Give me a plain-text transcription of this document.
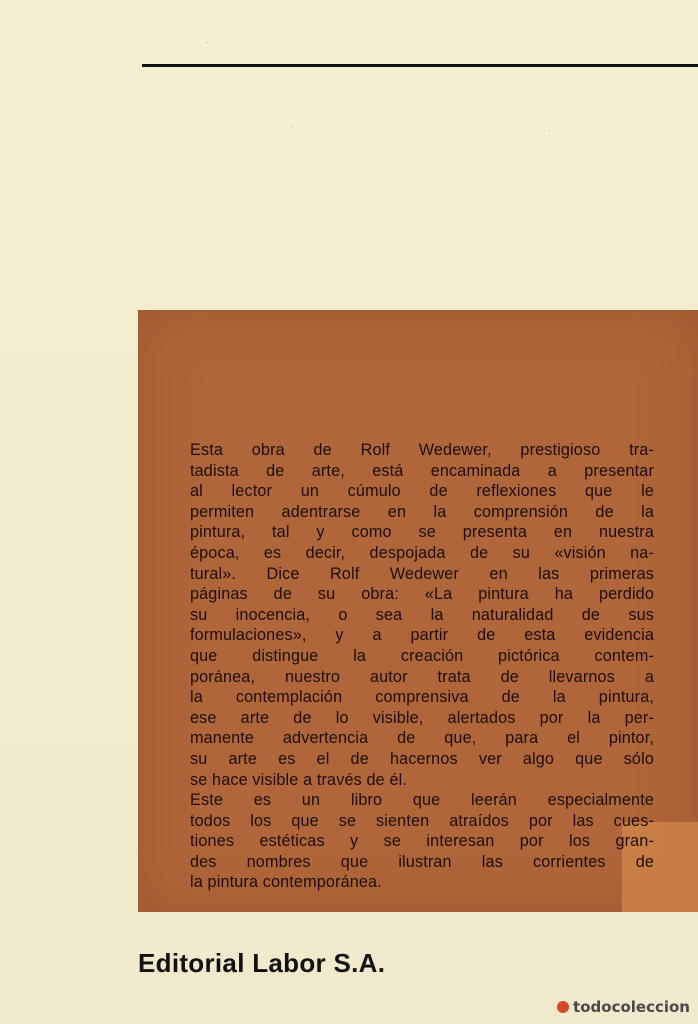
⋅
⋅	⋅
Esta obra de Rolf Wedewer, prestigioso tra-
tadista de arte, está encaminada a presentar
al lector un cúmulo de reflexiones que le
permiten adentrarse en la comprensión de la
pintura, tal y como se presenta en nuestra
época, es decir, despojada de su «visión na-
tural». Dice Rolf Wedewer en las primeras
páginas de su obra: «La pintura ha perdido
su inocencia, o sea la naturalidad de sus
formulaciones», y a partir de esta evidencia
que distingue la creación pictórica contem-
poránea, nuestro autor trata de llevarnos a
la contemplación comprensiva de la pintura,
ese arte de lo visible, alertados por la per-
manente advertencia de que, para el pintor,
su arte es el de hacernos ver algo que sólo
se hace visible a través de él.
Este es un libro que leerán especialmente
todos los que se sienten atraídos por las cues-
tiones estéticas y se interesan por los gran-
des nombres que ilustran las corrientes de
la pintura contemporánea.
Editorial Labor S.A.
todocoleccion
